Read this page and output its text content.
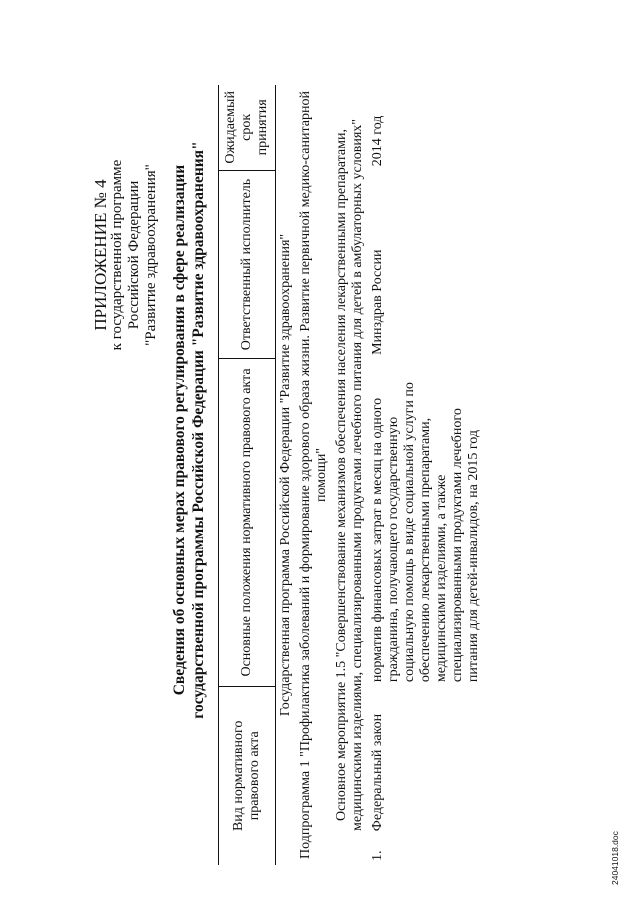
ПРИЛОЖЕНИЕ № 4 к государственной программе Российской Федерации "Развитие здравоохранения" Сведения об основных мерах правового регулирования в сфере реализации государственной программы Российской Федерации "Развитие здравоохранения"
Вид нормативного правового акта		Основные положения нормативного правового акта	Ответственный исполнитель	Ожидаемый срок принятия
Государственная программа Российской Федерации "Развитие здравоохранения"				
Подпрограмма 1 "Профилактика заболеваний и формирование здорового образа жизни. Развитие первичной медико-санитарной помощи"				
Основное мероприятие 1.5 "Совершенствование механизмов обеспечения населения лекарственными препаратами, медицинскими изделиями, специализированными продуктами лечебного питания для детей в амбулаторных условиях"				
1.	Федеральный закон	норматив финансовых затрат в месяц на одного гражданина, получающего государственную социальную помощь в виде социальной услуги по обеспечению лекарственными препаратами, медицинскими изделиями, а также специализированными продуктами лечебного питания для детей-инвалидов, на 2015 год	Минздрав России	2014 год
24041018.doc
